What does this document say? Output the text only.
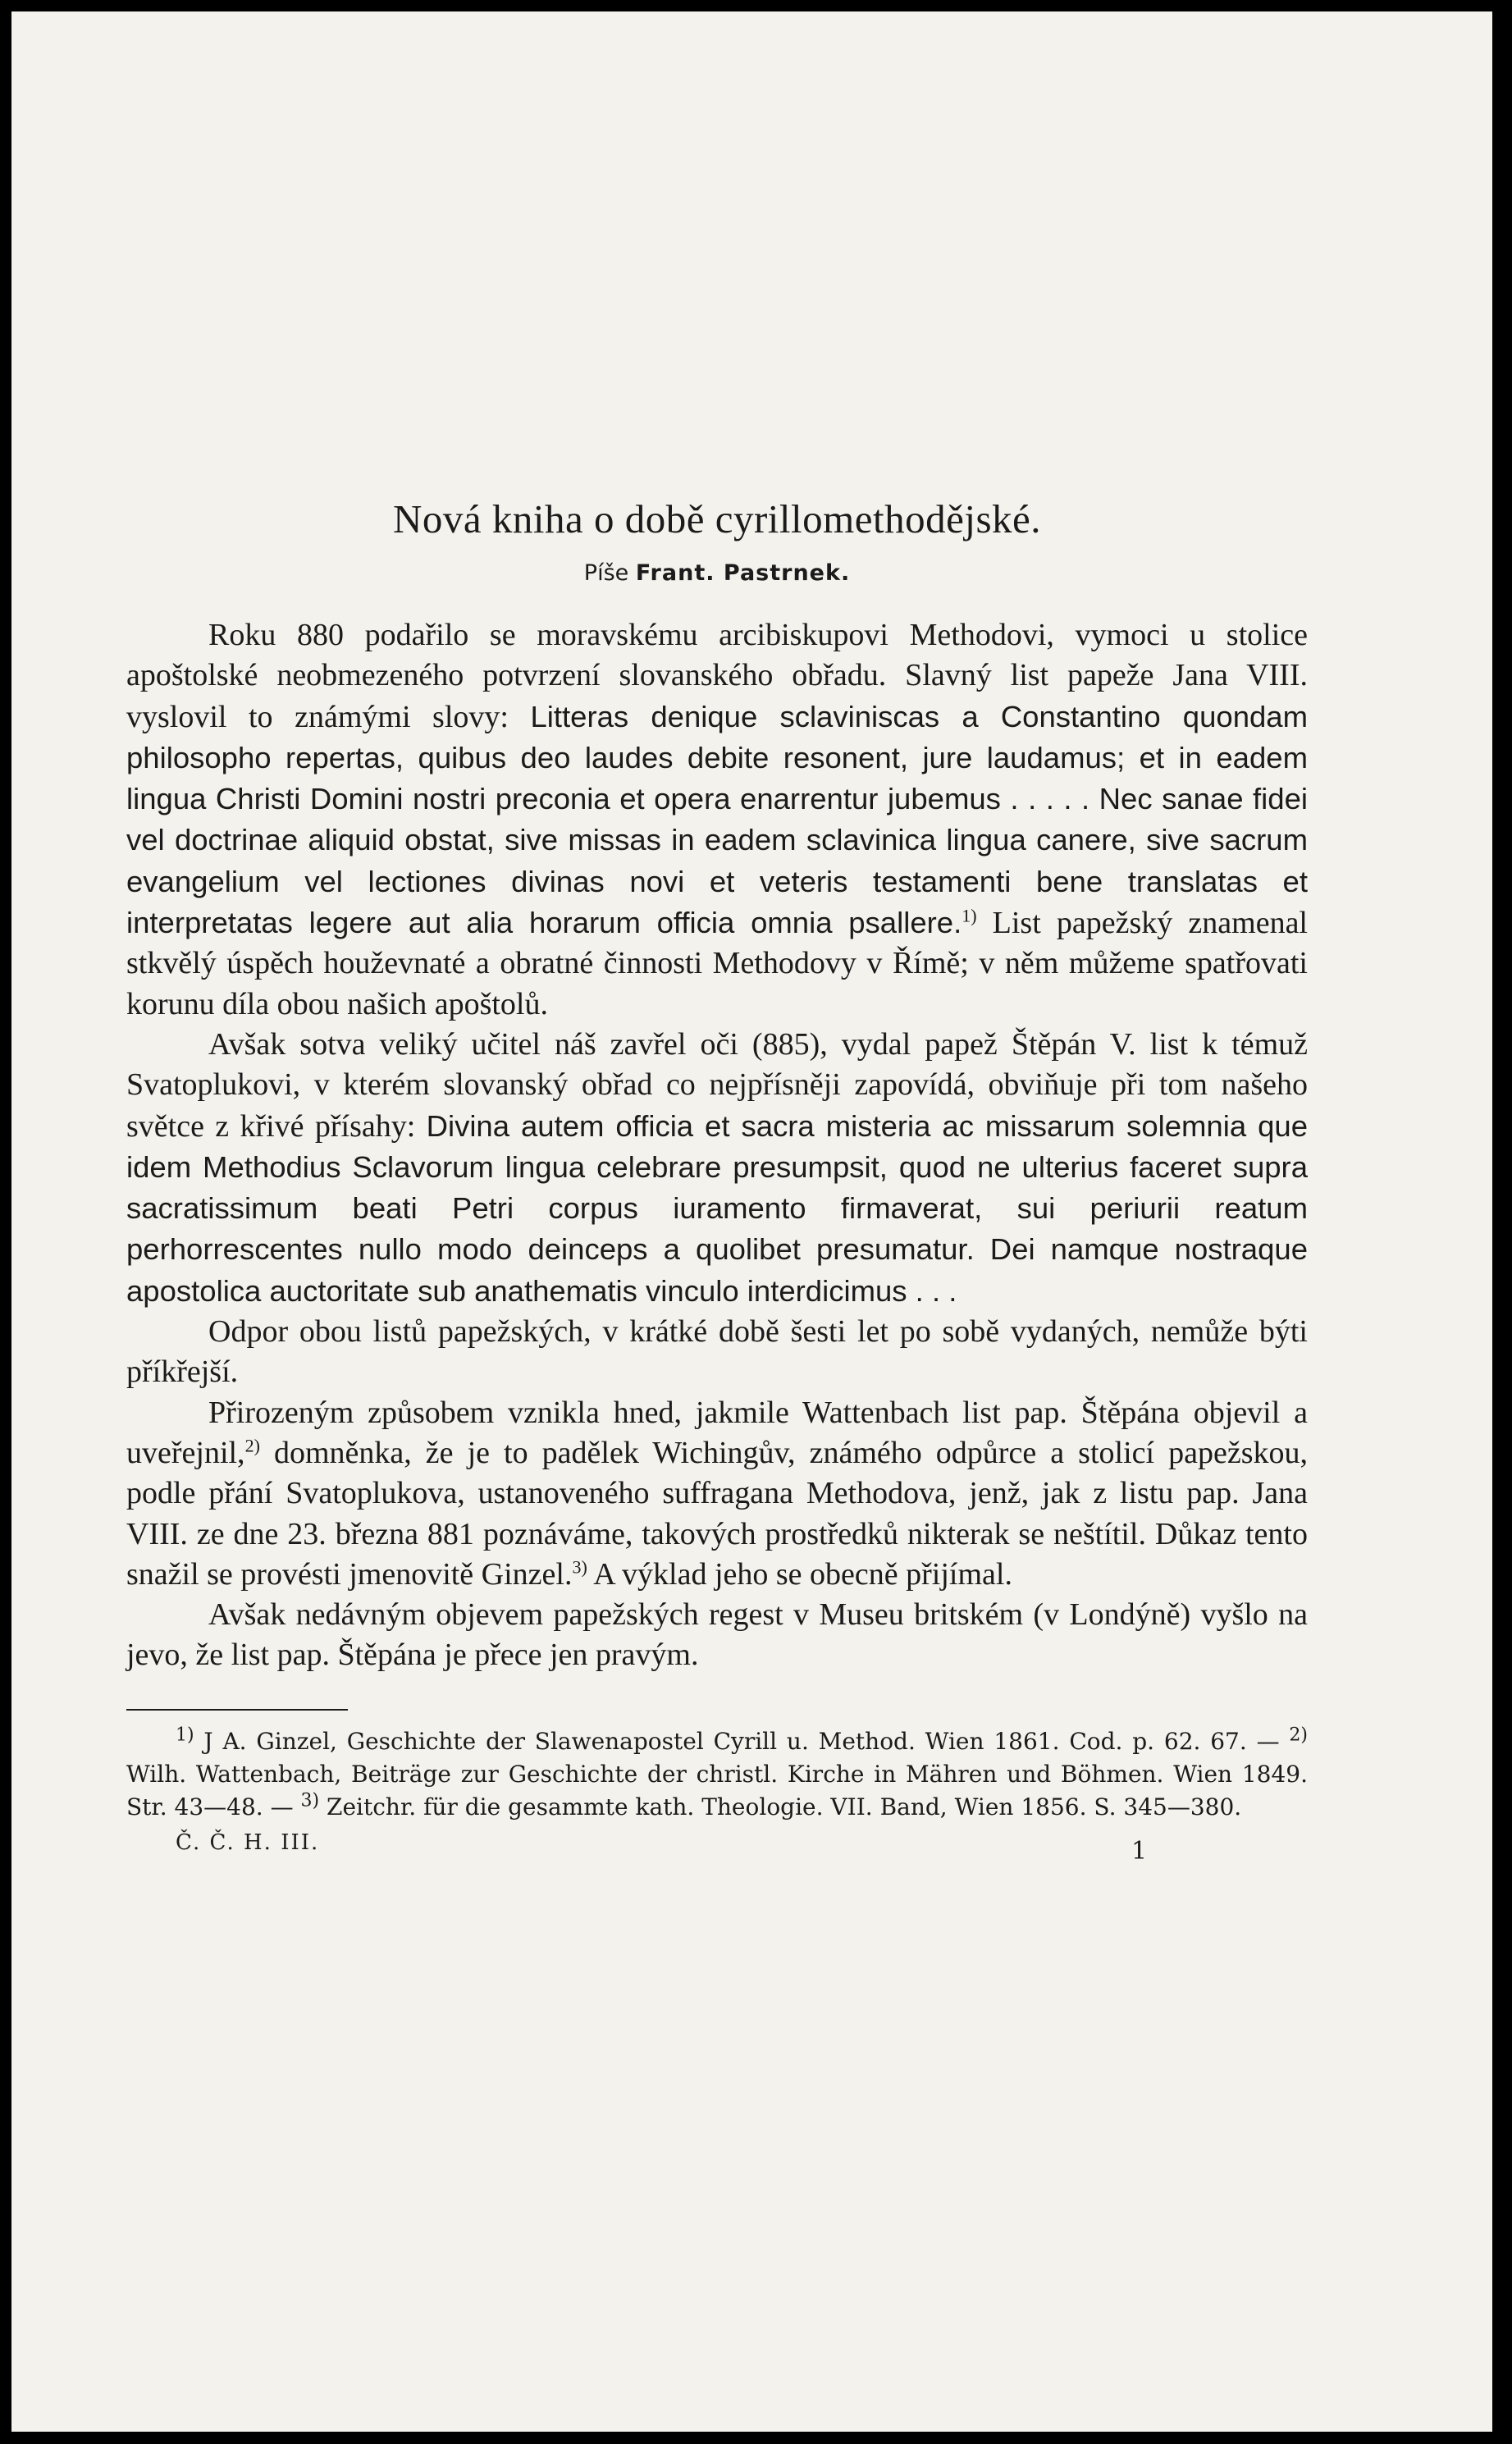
Nová kniha o době cyrillomethodějské.
Píše Frant. Pastrnek.

Roku 880 podařilo se moravskému arcibiskupovi Methodovi, vymoci u stolice apoštolské neobmezeného potvrzení slovanského obřadu. Slavný list papeže Jana VIII. vyslovil to známými slovy: Litteras denique sclaviniscas a Constantino quondam philosopho repertas, quibus deo laudes debite resonent, jure laudamus; et in eadem lingua Christi Domini nostri preconia et opera enarrentur jubemus . . . . . Nec sanae fidei vel doctrinae aliquid obstat, sive missas in eadem sclavinica lingua canere, sive sacrum evangelium vel lectiones divinas novi et veteris testamenti bene translatas et interpretatas legere aut alia horarum officia omnia psallere.$^{1)}$ List papežský znamenal stkvělý úspěch houževnaté a obratné činnosti Methodovy v Římě; v něm můžeme spatřovati korunu díla obou našich apoštolů.

Avšak sotva veliký učitel náš zavřel oči (885), vydal papež Štěpán V. list k témuž Svatoplukovi, v kterém slovanský obřad co nejpřísněji zapovídá, obviňuje při tom našeho světce z křivé přísahy: Divina autem officia et sacra misteria ac missarum solemnia que idem Methodius Sclavorum lingua celebrare presumpsit, quod ne ulterius faceret supra sacratissimum beati Petri corpus iuramento firmaverat, sui periurii reatum perhorrescentes nullo modo deinceps a quolibet presumatur. Dei namque nostraque apostolica auctoritate sub anathematis vinculo interdicimus . . .

Odpor obou listů papežských, v krátké době šesti let po sobě vydaných, nemůže býti příkřejší.

Přirozeným způsobem vznikla hned, jakmile Wattenbach list pap. Štěpána objevil a uveřejnil,$^{2)}$ domněnka, že je to padělek Wichingův, známého odpůrce a stolicí papežskou, podle přání Svatoplukova, ustanoveného suffragana Methodova, jenž, jak z listu pap. Jana VIII. ze dne 23. března 881 poznáváme, takových prostředků nikterak se neštítil. Důkaz tento snažil se provésti jmenovitě Ginzel.$^{3)}$ A výklad jeho se obecně přijímal.

Avšak nedávným objevem papežských regest v Museu britském (v Londýně) vyšlo na jevo, že list pap. Štěpána je přece jen pravým.

$^{1)}$ J A. Ginzel, Geschichte der Slawenapostel Cyrill u. Method. Wien 1861. Cod. p. 62. 67. — $^{2)}$ Wilh. Wattenbach, Beiträge zur Geschichte der christl. Kirche in Mähren und Böhmen. Wien 1849. Str. 43—48. — $^{3)}$ Zeitchr. für die gesammte kath. Theologie. VII. Band, Wien 1856. S. 345—380.

Č. Č. H. III.	1
